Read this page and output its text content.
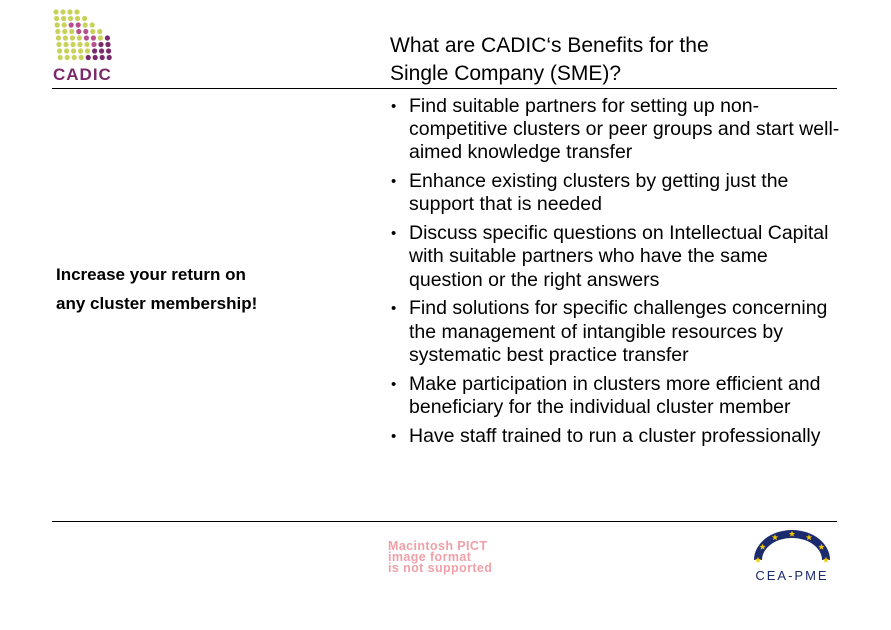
CADIC
What are CADIC‘s Benefits for the
Single Company (SME)?
Increase your return on
any cluster membership!
• Find suitable partners for setting up non-competitive clusters or peer groups and start well-aimed knowledge transfer
• Enhance existing clusters by getting just the support that is needed
• Discuss specific questions on Intellectual Capital with suitable partners who have the same question or the right answers
• Find solutions for specific challenges concerning the management of intangible resources by systematic best practice transfer
• Make participation in clusters more efficient and beneficiary for the individual cluster member
• Have staff trained to run a cluster professionally
Macintosh PICT
image format
is not supported	CEA-PME
